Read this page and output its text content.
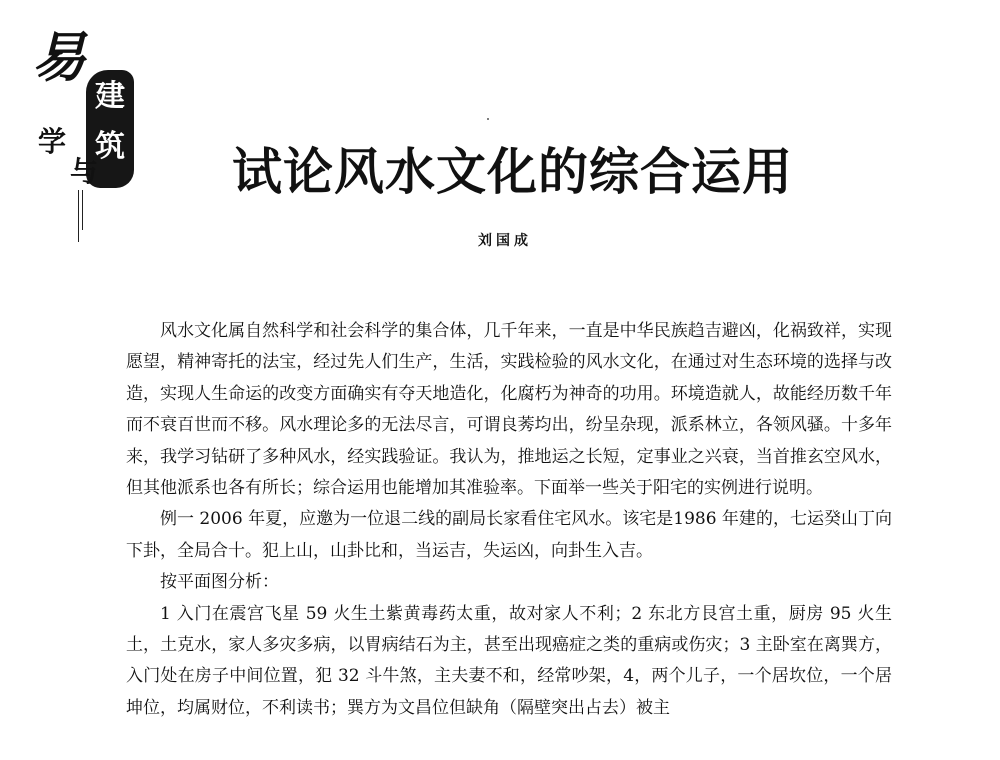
易
建
筑
学
与	试论风水文化的综合运用
刘国成

风水文化属自然科学和社会科学的集合体，几千年来，一直是中华民族趋吉避凶，化祸致祥，实现愿望，精神寄托的法宝，经过先人们生产，生活，实践检验的风水文化，在通过对生态环境的选择与改造，实现人生命运的改变方面确实有夺天地造化，化腐朽为神奇的功用。环境造就人，故能经历数千年而不衰百世而不移。风水理论多的无法尽言，可谓良莠均出，纷呈杂现，派系林立，各领风骚。十多年来，我学习钻研了多种风水，经实践验证。我认为，推地运之长短，定事业之兴衰，当首推玄空风水，但其他派系也各有所长；综合运用也能增加其准验率。下面举一些关于阳宅的实例进行说明。

例一 2006 年夏，应邀为一位退二线的副局长家看住宅风水。该宅是1986 年建的，七运癸山丁向下卦，全局合十。犯上山，山卦比和，当运吉，失运凶，向卦生入吉。

按平面图分析：

1 入门在震宫飞星 59 火生土紫黄毒药太重，故对家人不利；2 东北方艮宫土重，厨房 95 火生土，土克水，家人多灾多病，以胃病结石为主，甚至出现癌症之类的重病或伤灾；3 主卧室在离巽方，入门处在房子中间位置，犯 32 斗牛煞，主夫妻不和，经常吵架，4，两个儿子，一个居坎位，一个居坤位，均属财位，不利读书；巽方为文昌位但缺角（隔壁突出占去）被主
